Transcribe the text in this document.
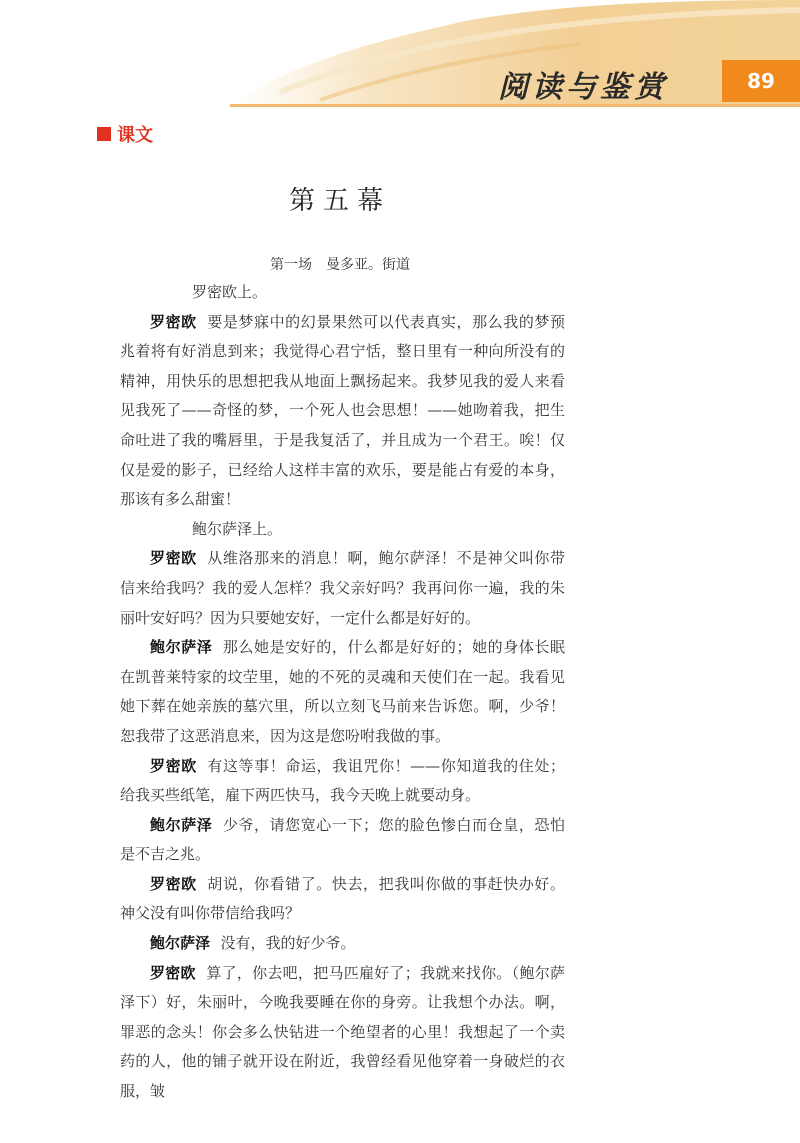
阅读与鉴赏	89
课文
第五幕
第一场　曼多亚。街道

罗密欧上。

罗密欧 要是梦寐中的幻景果然可以代表真实，那么我的梦预兆着将有好消息到来；我觉得心君宁恬，整日里有一种向所没有的精神，用快乐的思想把我从地面上飘扬起来。我梦见我的爱人来看见我死了——奇怪的梦，一个死人也会思想！——她吻着我，把生命吐进了我的嘴唇里，于是我复活了，并且成为一个君王。唉！仅仅是爱的影子，已经给人这样丰富的欢乐，要是能占有爱的本身，那该有多么甜蜜！

鲍尔萨泽上。

罗密欧 从维洛那来的消息！啊，鲍尔萨泽！不是神父叫你带信来给我吗？我的爱人怎样？我父亲好吗？我再问你一遍，我的朱丽叶安好吗？因为只要她安好，一定什么都是好好的。

鲍尔萨泽 那么她是安好的，什么都是好好的；她的身体长眠在凯普莱特家的坟茔里，她的不死的灵魂和天使们在一起。我看见她下葬在她亲族的墓穴里，所以立刻飞马前来告诉您。啊，少爷！恕我带了这恶消息来，因为这是您吩咐我做的事。

罗密欧 有这等事！命运，我诅咒你！——你知道我的住处；给我买些纸笔，雇下两匹快马，我今天晚上就要动身。

鲍尔萨泽 少爷，请您宽心一下；您的脸色惨白而仓皇，恐怕是不吉之兆。

罗密欧 胡说，你看错了。快去，把我叫你做的事赶快办好。神父没有叫你带信给我吗？

鲍尔萨泽 没有，我的好少爷。

罗密欧 算了，你去吧，把马匹雇好了；我就来找你。（鲍尔萨泽下）好，朱丽叶，今晚我要睡在你的身旁。让我想个办法。啊，罪恶的念头！你会多么快钻进一个绝望者的心里！我想起了一个卖药的人，他的铺子就开设在附近，我曾经看见他穿着一身破烂的衣服，皱
